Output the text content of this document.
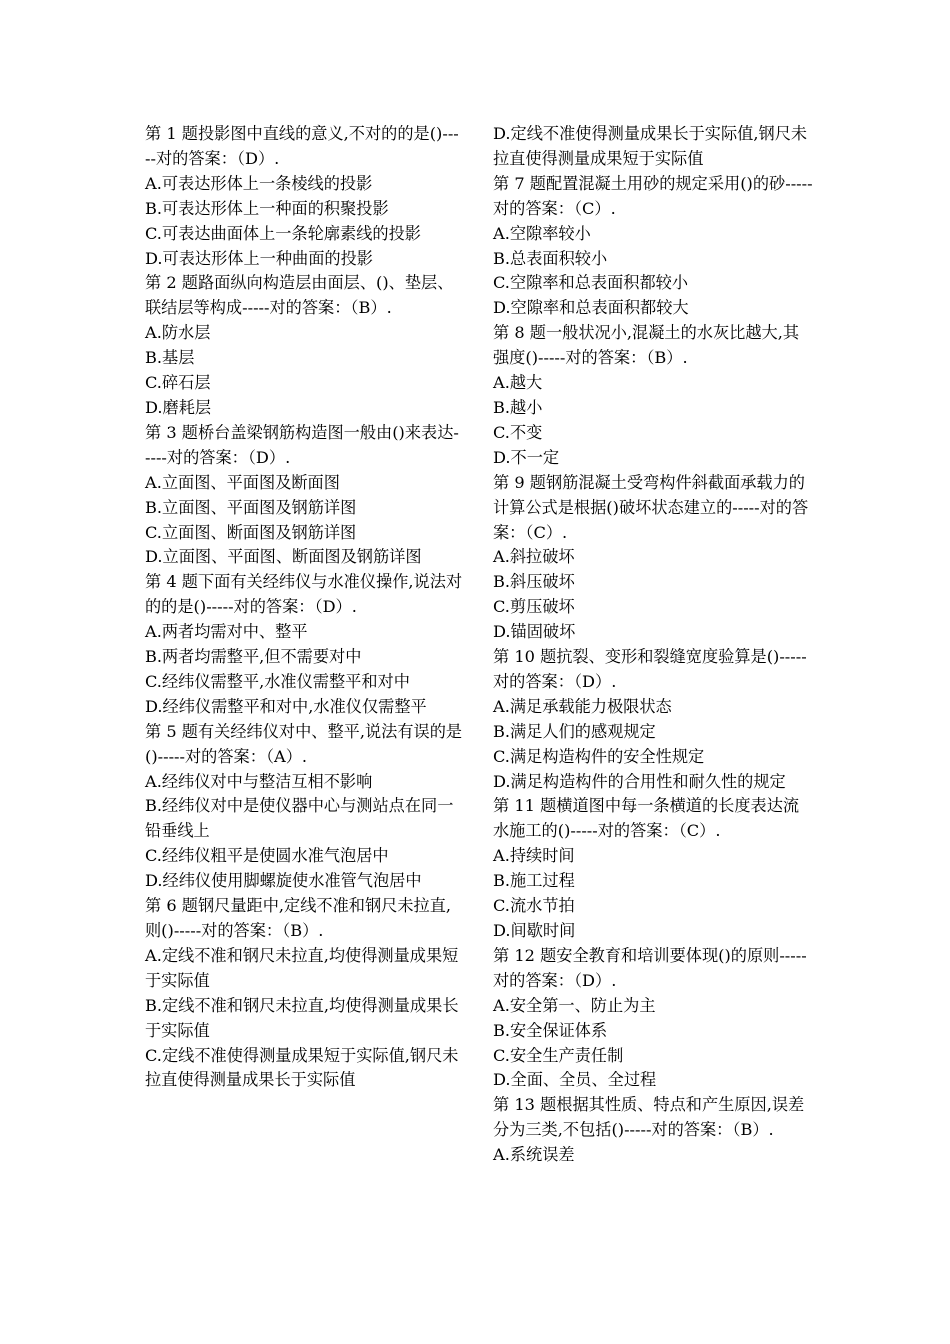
第 1 题投影图中直线的意义,不对的的是()-----对的答案：（D）.
A.可表达形体上一条棱线的投影
B.可表达形体上一种面的积聚投影
C.可表达曲面体上一条轮廓素线的投影
D.可表达形体上一种曲面的投影
第 2 题路面纵向构造层由面层、()、垫层、联结层等构成-----对的答案：（B）.
A.防水层
B.基层
C.碎石层
D.磨耗层
第 3 题桥台盖梁钢筋构造图一般由()来表达-----对的答案：（D）.
A.立面图、平面图及断面图
B.立面图、平面图及钢筋详图
C.立面图、断面图及钢筋详图
D.立面图、平面图、断面图及钢筋详图
第 4 题下面有关经纬仪与水准仪操作,说法对的的是()-----对的答案：（D）.
A.两者均需对中、整平
B.两者均需整平,但不需要对中
C.经纬仪需整平,水准仪需整平和对中
D.经纬仪需整平和对中,水准仪仅需整平
第 5 题有关经纬仪对中、整平,说法有误的是()-----对的答案：（A）.
A.经纬仪对中与整洁互相不影响
B.经纬仪对中是使仪器中心与测站点在同一铅垂线上
C.经纬仪粗平是使圆水准气泡居中
D.经纬仪使用脚螺旋使水准管气泡居中
第 6 题钢尺量距中,定线不准和钢尺未拉直,则()-----对的答案：（B）.
A.定线不准和钢尺未拉直,均使得测量成果短于实际值
B.定线不准和钢尺未拉直,均使得测量成果长于实际值
C.定线不准使得测量成果短于实际值,钢尺未拉直使得测量成果长于实际值
D.定线不准使得测量成果长于实际值,钢尺未拉直使得测量成果短于实际值
第 7 题配置混凝土用砂的规定采用()的砂-----对的答案：（C）.
A.空隙率较小
B.总表面积较小
C.空隙率和总表面积都较小
D.空隙率和总表面积都较大
第 8 题一般状况小,混凝土的水灰比越大,其强度()-----对的答案：（B）.
A.越大
B.越小
C.不变
D.不一定
第 9 题钢筋混凝土受弯构件斜截面承载力的计算公式是根据()破坏状态建立的-----对的答案：（C）.
A.斜拉破坏
B.斜压破坏
C.剪压破坏
D.锚固破坏
第 10 题抗裂、变形和裂缝宽度验算是()-----对的答案：（D）.
A.满足承载能力极限状态
B.满足人们的感观规定
C.满足构造构件的安全性规定
D.满足构造构件的合用性和耐久性的规定
第 11 题横道图中每一条横道的长度表达流水施工的()-----对的答案：（C）.
A.持续时间
B.施工过程
C.流水节拍
D.间歇时间
第 12 题安全教育和培训要体现()的原则-----对的答案：（D）.
A.安全第一、防止为主
B.安全保证体系
C.安全生产责任制
D.全面、全员、全过程
第 13 题根据其性质、特点和产生原因,误差分为三类,不包括()-----对的答案：（B）.
A.系统误差
